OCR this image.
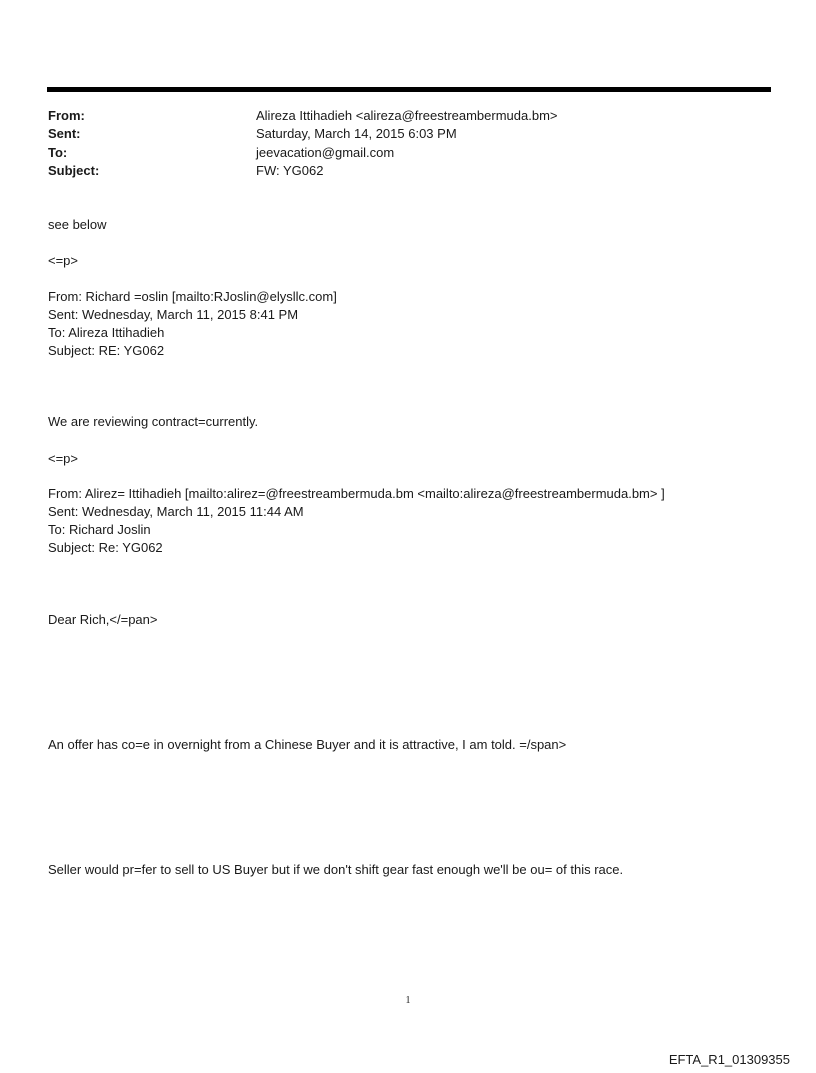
From:	Alireza Ittihadieh <alireza@freestreambermuda.bm>
Sent:	Saturday, March 14, 2015 6:03 PM
To:	jeevacation@gmail.com
Subject:	FW: YG062
see below
<=p>
From: Richard =oslin [mailto:RJoslin@elysllc.com]
Sent: Wednesday, March 11, 2015 8:41 PM
To: Alireza Ittihadieh
Subject: RE: YG062
We are reviewing contract=currently.
<=p>
From: Alirez= Ittihadieh [mailto:alirez=@freestreambermuda.bm <mailto:alireza@freestreambermuda.bm> ]
Sent: Wednesday, March 11, 2015 11:44 AM
To: Richard Joslin
Subject: Re: YG062
Dear Rich,</=pan>
An offer has co=e in overnight from a Chinese Buyer and it is attractive, I am told. =/span>
Seller would pr=fer to sell to US Buyer but if we don't shift gear fast enough we'll be ou= of this race.
1
EFTA_R1_01309355
